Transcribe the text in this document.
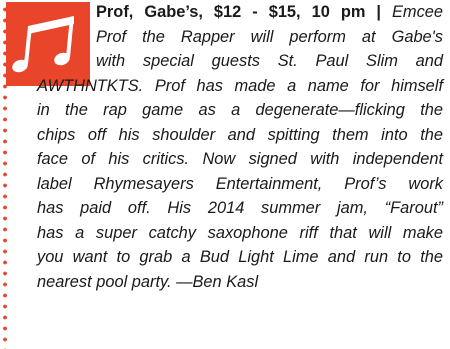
Prof, Gabe’s, $12 - $15, 10 pm | Emcee
Prof the Rapper will perform at Gabe's
with special guests St. Paul Slim and
AWTHNTKTS. Prof has made a name for himself
in the rap game as a degenerate—flicking the
chips off his shoulder and spitting them into the
face of his critics. Now signed with independent
label Rhymesayers Entertainment, Prof’s work
has paid off. His 2014 summer jam, “Farout”
has a super catchy saxophone riff that will make
you want to grab a Bud Light Lime and run to the
nearest pool party. —Ben Kasl
